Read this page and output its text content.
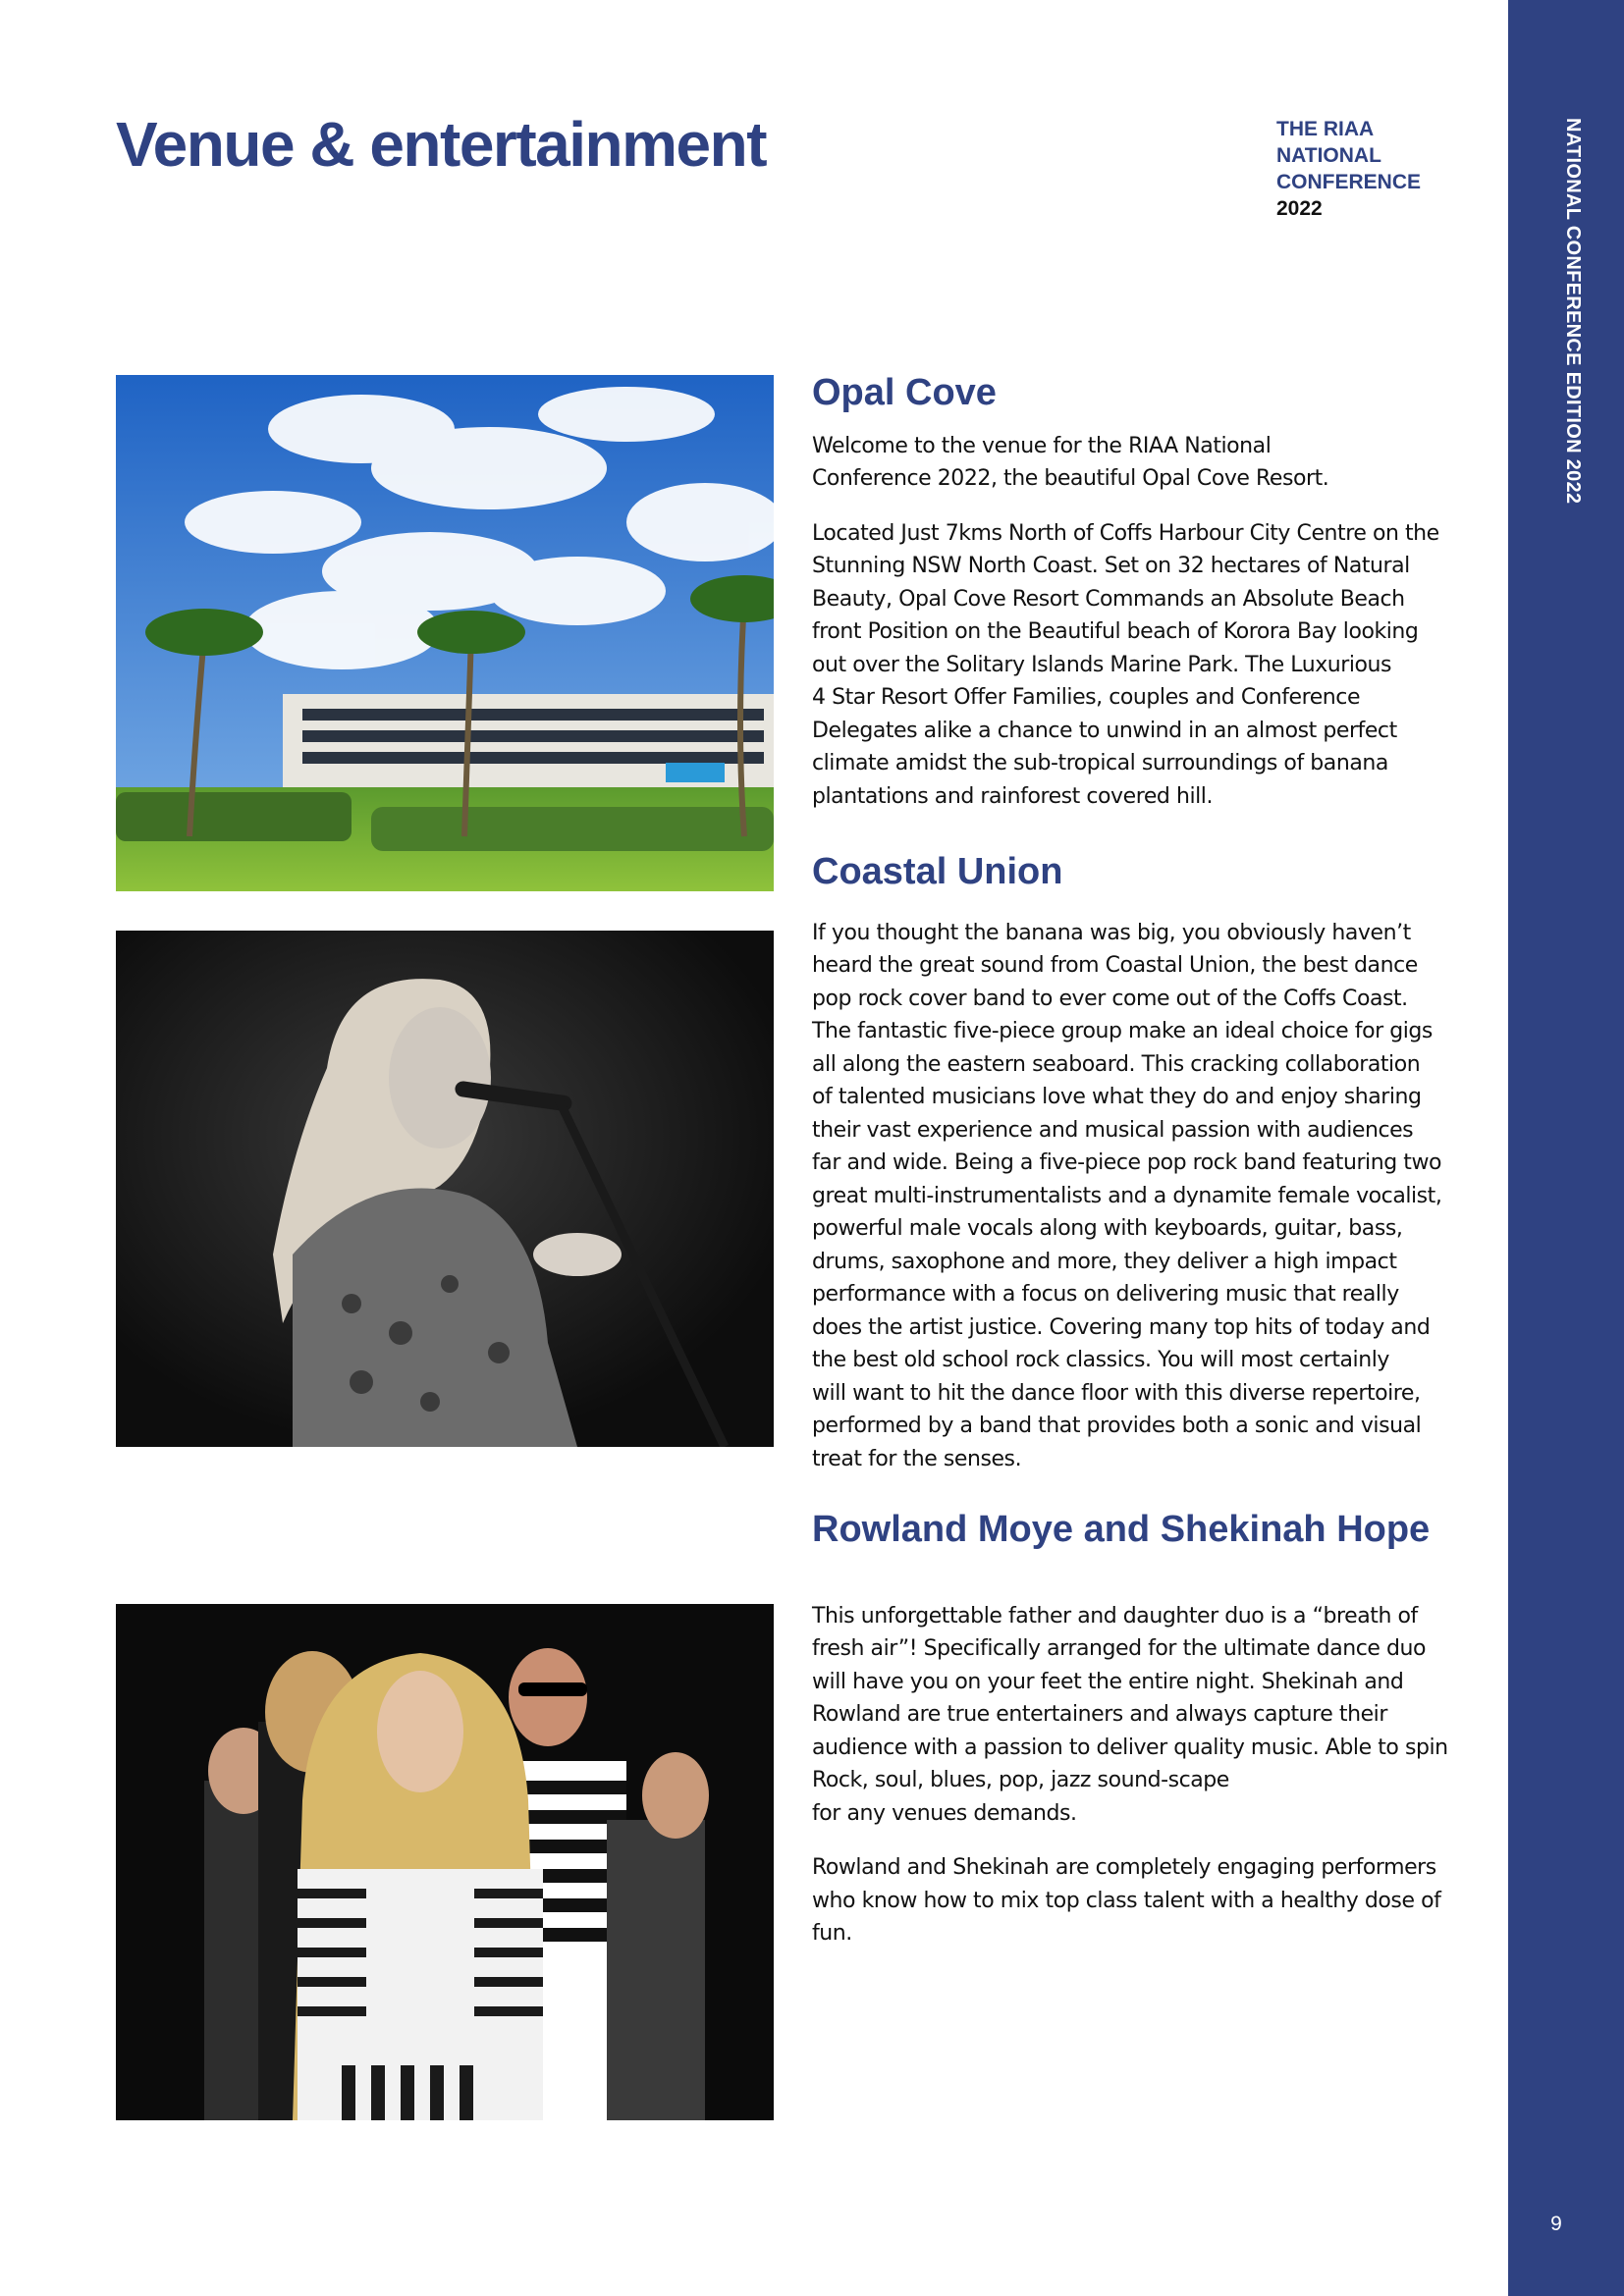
Venue & entertainment	THE RIAA
NATIONAL
CONFERENCE
2022	NATIONAL CONFERENCE EDITION 2022
9
Opal Cove

Welcome to the venue for the RIAA National
Conference 2022, the beautiful Opal Cove Resort.

Located Just 7kms North of Coffs Harbour City Centre on the
Stunning NSW North Coast. Set on 32 hectares of Natural
Beauty, Opal Cove Resort Commands an Absolute Beach
front Position on the Beautiful beach of Korora Bay looking
out over the Solitary Islands Marine Park. The Luxurious
4 Star Resort Offer Families, couples and Conference
Delegates alike a chance to unwind in an almost perfect
climate amidst the sub-tropical surroundings of banana
plantations and rainforest covered hill.

Coastal Union

If you thought the banana was big, you obviously haven’t
heard the great sound from Coastal Union, the best dance
pop rock cover band to ever come out of the Coffs Coast.
The fantastic five-piece group make an ideal choice for gigs
all along the eastern seaboard. This cracking collaboration
of talented musicians love what they do and enjoy sharing
their vast experience and musical passion with audiences
far and wide. Being a five-piece pop rock band featuring two
great multi-instrumentalists and a dynamite female vocalist,
powerful male vocals along with keyboards, guitar, bass,
drums, saxophone and more, they deliver a high impact
performance with a focus on delivering music that really
does the artist justice. Covering many top hits of today and
the best old school rock classics. You will most certainly
will want to hit the dance floor with this diverse repertoire,
performed by a band that provides both a sonic and visual
treat for the senses.

Rowland Moye and Shekinah Hope

This unforgettable father and daughter duo is a “breath of
fresh air”! Specifically arranged for the ultimate dance duo
will have you on your feet the entire night. Shekinah and
Rowland are true entertainers and always capture their
audience with a passion to deliver quality music. Able to spin
Rock, soul, blues, pop, jazz sound-scape
for any venues demands.

Rowland and Shekinah are completely engaging performers
who know how to mix top class talent with a healthy dose of
fun.
